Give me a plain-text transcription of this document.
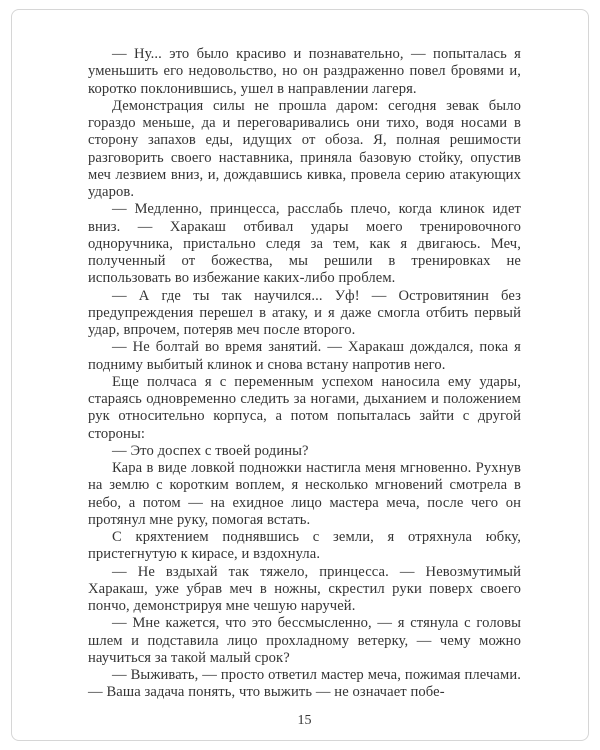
— Ну... это было красиво и познавательно, — попыталась я уменьшить его недовольство, но он раздраженно повел бровями и, коротко поклонившись, ушел в направлении лагеря.

Демонстрация силы не прошла даром: сегодня зевак было гораздо меньше, да и переговаривались они тихо, водя носами в сторону запахов еды, идущих от обоза. Я, полная решимости разговорить своего наставника, приняла базовую стойку, опустив меч лезвием вниз, и, дождавшись кивка, провела серию атакующих ударов.

— Медленно, принцесса, расслабь плечо, когда клинок идет вниз. — Харакаш отбивал удары моего тренировочного одноручника, пристально следя за тем, как я двигаюсь. Меч, полученный от божества, мы решили в тренировках не использовать во избежание каких-либо проблем.

— А где ты так научился... Уф! — Островитянин без предупреждения перешел в атаку, и я даже смогла отбить первый удар, впрочем, потеряв меч после второго.

— Не болтай во время занятий. — Харакаш дождался, пока я подниму выбитый клинок и снова встану напротив него.

Еще полчаса я с переменным успехом наносила ему удары, стараясь одновременно следить за ногами, дыханием и положением рук относительно корпуса, а потом попыталась зайти с другой стороны:

— Это доспех с твоей родины?

Кара в виде ловкой подножки настигла меня мгновенно. Рухнув на землю с коротким воплем, я несколько мгновений смотрела в небо, а потом — на ехидное лицо мастера меча, после чего он протянул мне руку, помогая встать.

С кряхтением поднявшись с земли, я отряхнула юбку, пристегнутую к кирасе, и вздохнула.

— Не вздыхай так тяжело, принцесса. — Невозмутимый Харакаш, уже убрав меч в ножны, скрестил руки поверх своего пончо, демонстрируя мне чешую наручей.

— Мне кажется, что это бессмысленно, — я стянула с головы шлем и подставила лицо прохладному ветерку, — чему можно научиться за такой малый срок?

— Выживать, — просто ответил мастер меча, пожимая плечами. — Ваша задача понять, что выжить — не означает побе-

15
